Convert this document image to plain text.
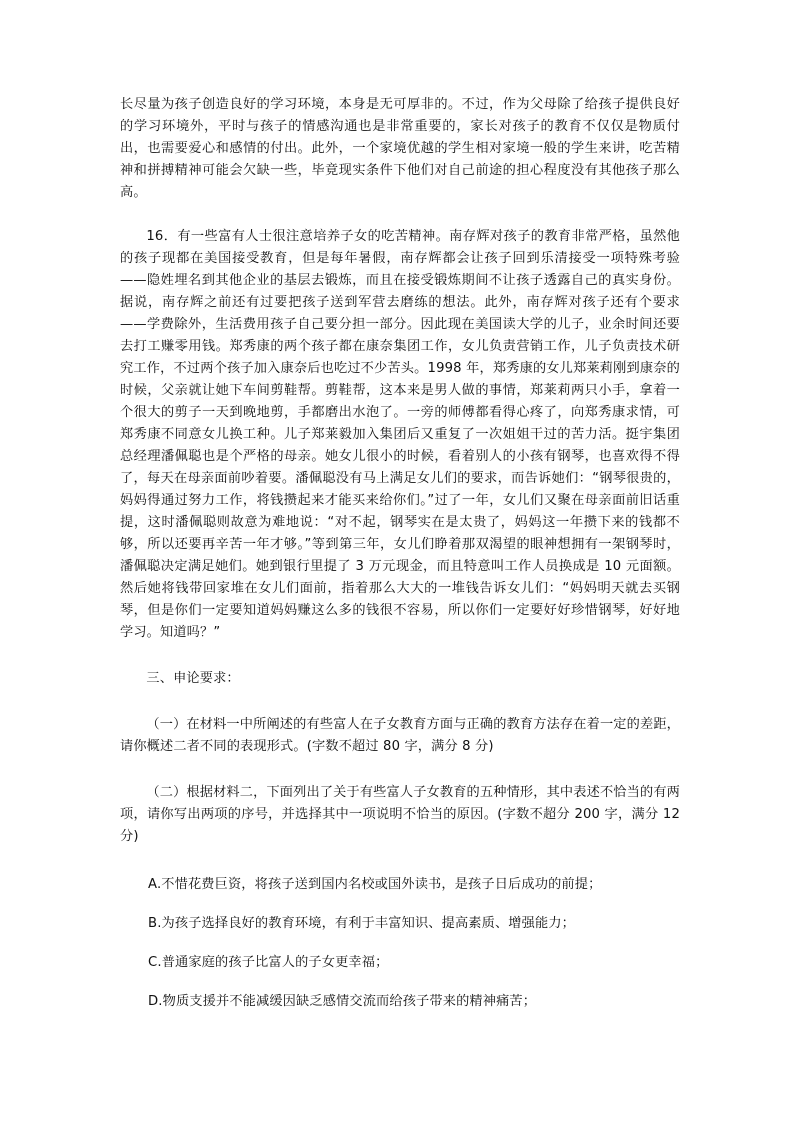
长尽量为孩子创造良好的学习环境，本身是无可厚非的。不过，作为父母除了给孩子提供良好的学习环境外，平时与孩子的情感沟通也是非常重要的，家长对孩子的教育不仅仅是物质付出，也需要爱心和感情的付出。此外，一个家境优越的学生相对家境一般的学生来讲，吃苦精神和拼搏精神可能会欠缺一些，毕竟现实条件下他们对自己前途的担心程度没有其他孩子那么高。

16．有一些富有人士很注意培养子女的吃苦精神。南存辉对孩子的教育非常严格，虽然他的孩子现都在美国接受教育，但是每年暑假，南存辉都会让孩子回到乐清接受一项特殊考验——隐姓埋名到其他企业的基层去锻炼，而且在接受锻炼期间不让孩子透露自己的真实身份。据说，南存辉之前还有过要把孩子送到军营去磨练的想法。此外，南存辉对孩子还有个要求——学费除外，生活费用孩子自己要分担一部分。因此现在美国读大学的儿子，业余时间还要去打工赚零用钱。郑秀康的两个孩子都在康奈集团工作，女儿负责营销工作，儿子负责技术研究工作，不过两个孩子加入康奈后也吃过不少苦头。1998 年，郑秀康的女儿郑莱莉刚到康奈的时候，父亲就让她下车间剪鞋帮。剪鞋帮，这本来是男人做的事情，郑莱莉两只小手，拿着一个很大的剪子一天到晚地剪，手都磨出水泡了。一旁的师傅都看得心疼了，向郑秀康求情，可郑秀康不同意女儿换工种。儿子郑莱毅加入集团后又重复了一次姐姐干过的苦力活。挺宇集团总经理潘佩聪也是个严格的母亲。她女儿很小的时候，看着别人的小孩有钢琴，也喜欢得不得了，每天在母亲面前吵着要。潘佩聪没有马上满足女儿们的要求，而告诉她们：“钢琴很贵的，妈妈得通过努力工作，将钱攒起来才能买来给你们。”过了一年，女儿们又聚在母亲面前旧话重提，这时潘佩聪则故意为难地说：“对不起，钢琴实在是太贵了，妈妈这一年攒下来的钱都不够，所以还要再辛苦一年才够。”等到第三年，女儿们睁着那双渴望的眼神想拥有一架钢琴时，潘佩聪决定满足她们。她到银行里提了 3 万元现金，而且特意叫工作人员换成是 10 元面额。然后她将钱带回家堆在女儿们面前，指着那么大大的一堆钱告诉女儿们：“妈妈明天就去买钢琴，但是你们一定要知道妈妈赚这么多的钱很不容易，所以你们一定要好好珍惜钢琴，好好地学习。知道吗？”

三、申论要求：

（一）在材料一中所阐述的有些富人在子女教育方面与正确的教育方法存在着一定的差距，请你概述二者不同的表现形式。(字数不超过 80 字，满分 8 分)

（二）根据材料二，下面列出了关于有些富人子女教育的五种情形，其中表述不恰当的有两项，请你写出两项的序号，并选择其中一项说明不恰当的原因。(字数不超分 200 字，满分 12 分)

A.不惜花费巨资，将孩子送到国内名校或国外读书，是孩子日后成功的前提；

B.为孩子选择良好的教育环境，有利于丰富知识、提高素质、增强能力；

C.普通家庭的孩子比富人的子女更幸福；

D.物质支援并不能减缓因缺乏感情交流而给孩子带来的精神痛苦；
